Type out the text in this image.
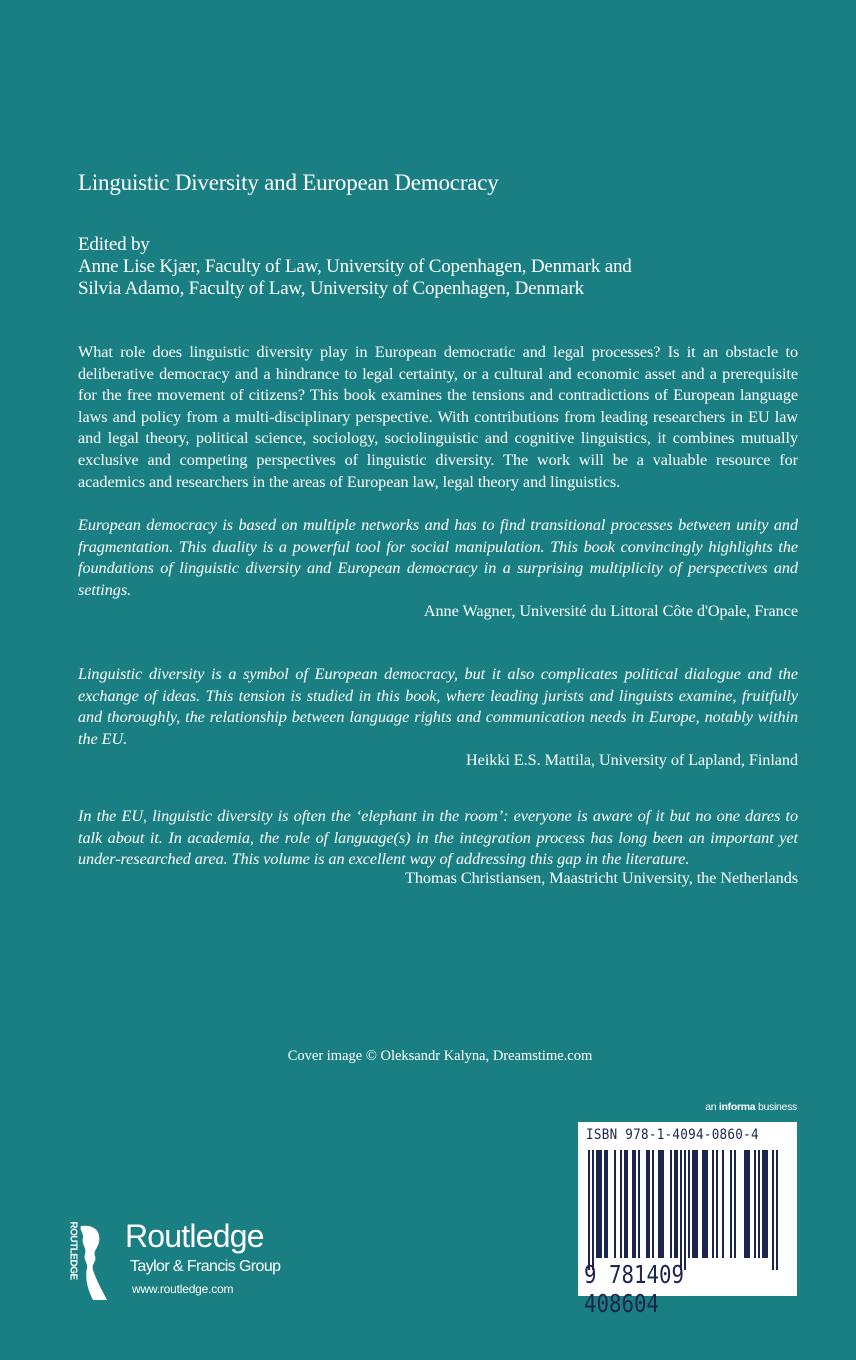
Linguistic Diversity and European Democracy
Edited by
Anne Lise Kjær, Faculty of Law, University of Copenhagen, Denmark and
Silvia Adamo, Faculty of Law, University of Copenhagen, Denmark
What role does linguistic diversity play in European democratic and legal processes? Is it an obstacle to deliberative democracy and a hindrance to legal certainty, or a cultural and economic asset and a prerequisite for the free movement of citizens? This book examines the tensions and contradictions of European language laws and policy from a multi-disciplinary perspective. With contributions from leading researchers in EU law and legal theory, political science, sociology, sociolinguistic and cognitive linguistics, it combines mutually exclusive and competing perspectives of linguistic diversity. The work will be a valuable resource for academics and researchers in the areas of European law, legal theory and linguistics.
European democracy is based on multiple networks and has to find transitional processes between unity and fragmentation. This duality is a powerful tool for social manipulation. This book convincingly highlights the foundations of linguistic diversity and European democracy in a surprising multiplicity of perspectives and settings.
Anne Wagner, Université du Littoral Côte d'Opale, France
Linguistic diversity is a symbol of European democracy, but it also complicates political dialogue and the exchange of ideas. This tension is studied in this book, where leading jurists and linguists examine, fruitfully and thoroughly, the relationship between language rights and communication needs in Europe, notably within the EU.
Heikki E.S. Mattila, University of Lapland, Finland
In the EU, linguistic diversity is often the ‘elephant in the room’: everyone is aware of it but no one dares to talk about it. In academia, the role of language(s) in the integration process has long been an important yet under-researched area. This volume is an excellent way of addressing this gap in the literature.
Thomas Christiansen, Maastricht University, the Netherlands
Cover image © Oleksandr Kalyna, Dreamstime.com
an informa business
ISBN 978-1-4094-0860-4
9 781409 408604
ROUTLEDGE Routledge
Taylor & Francis Group
www.routledge.com
